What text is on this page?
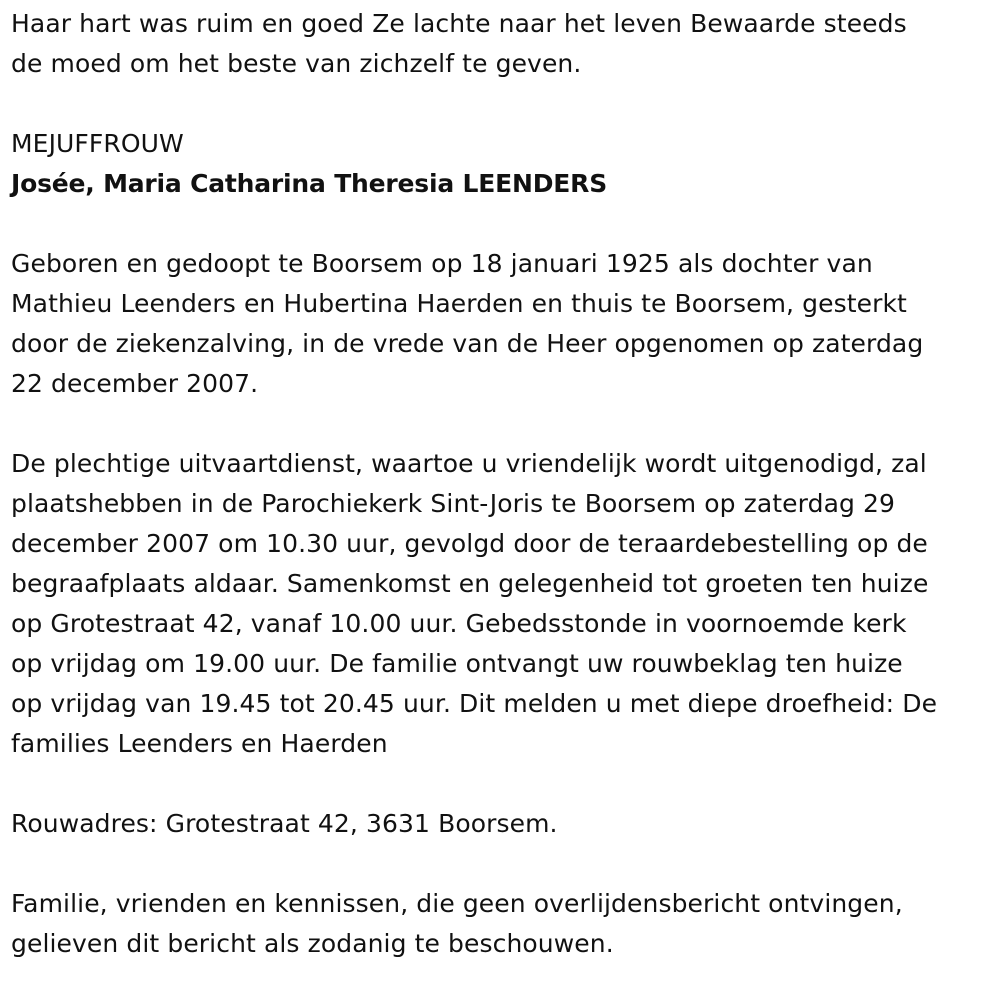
Haar hart was ruim en goed Ze lachte naar het leven Bewaarde steeds

de moed om het beste van zichzelf te geven.

MEJUFFROUW

Josée, Maria Catharina Theresia LEENDERS

Geboren en gedoopt te Boorsem op 18 januari 1925 als dochter van

Mathieu Leenders en Hubertina Haerden en thuis te Boorsem, gesterkt

door de ziekenzalving, in de vrede van de Heer opgenomen op zaterdag

22 december 2007.

De plechtige uitvaartdienst, waartoe u vriendelijk wordt uitgenodigd, zal

plaatshebben in de Parochiekerk Sint-Joris te Boorsem op zaterdag 29

december 2007 om 10.30 uur, gevolgd door de teraardebestelling op de

begraafplaats aldaar. Samenkomst en gelegenheid tot groeten ten huize

op Grotestraat 42, vanaf 10.00 uur. Gebedsstonde in voornoemde kerk

op vrijdag om 19.00 uur. De familie ontvangt uw rouwbeklag ten huize

op vrijdag van 19.45 tot 20.45 uur. Dit melden u met diepe droefheid: De

families Leenders en Haerden

Rouwadres: Grotestraat 42, 3631 Boorsem.

Familie, vrienden en kennissen, die geen overlijdensbericht ontvingen,

gelieven dit bericht als zodanig te beschouwen.
